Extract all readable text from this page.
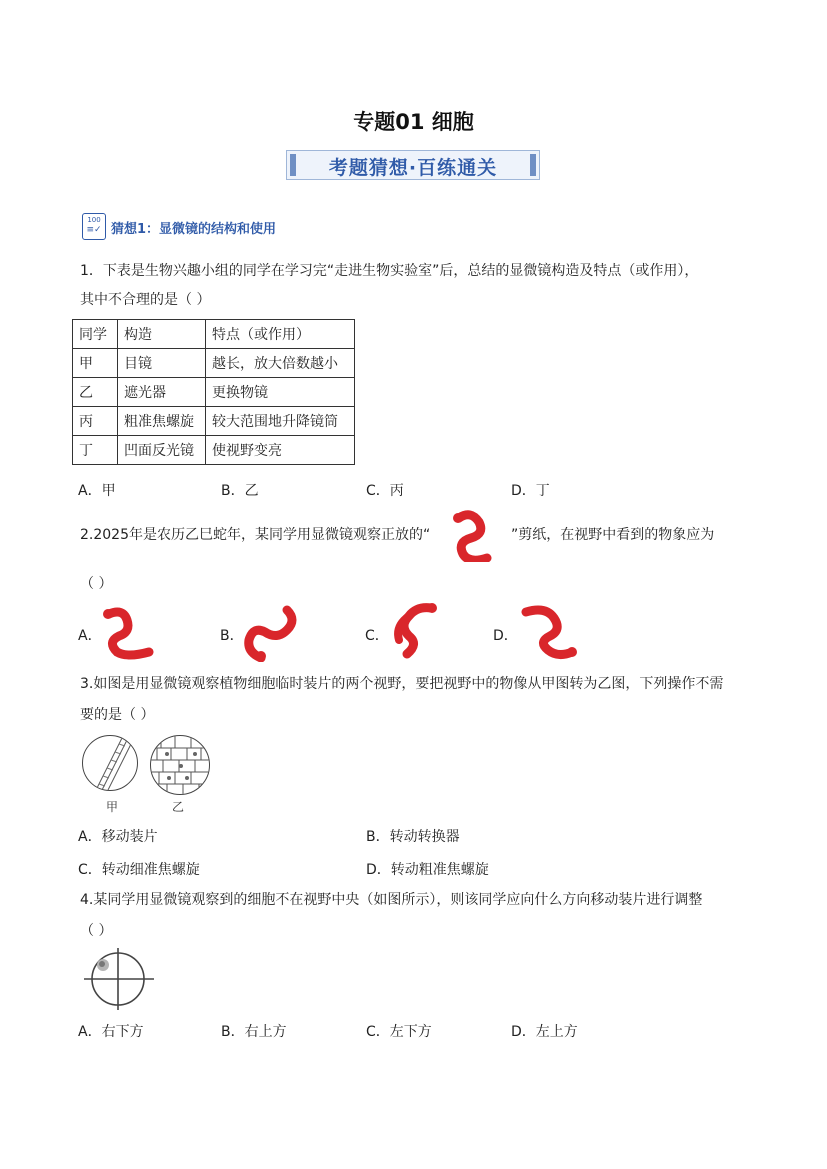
专题01 细胞
考题猜想·百练通关
100
≡✓ 猜想1：显微镜的结构和使用
1．下表是生物兴趣小组的同学在学习完“走进生物实验室”后，总结的显微镜构造及特点（或作用），
其中不合理的是（ ）
同学	构造	特点（或作用）
甲	目镜	越长，放大倍数越小
乙	遮光器	更换物镜
丙	粗准焦螺旋	较大范围地升降镜筒
丁	凹面反光镜	使视野变亮
A．甲	B．乙	C．丙	D．丁
2.2025年是农历乙巳蛇年，某同学用显微镜观察正放的“	”剪纸，在视野中看到的物象应为
（ ）
A．	B．	C．	D．
3.如图是用显微镜观察植物细胞临时装片的两个视野，要把视野中的物像从甲图转为乙图，下列操作不需
要的是（ ）
甲	乙
A．移动装片	B．转动转换器
C．转动细准焦螺旋	D．转动粗准焦螺旋
4.某同学用显微镜观察到的细胞不在视野中央（如图所示），则该同学应向什么方向移动装片进行调整
（ ）
A．右下方	B．右上方	C．左下方	D．左上方
